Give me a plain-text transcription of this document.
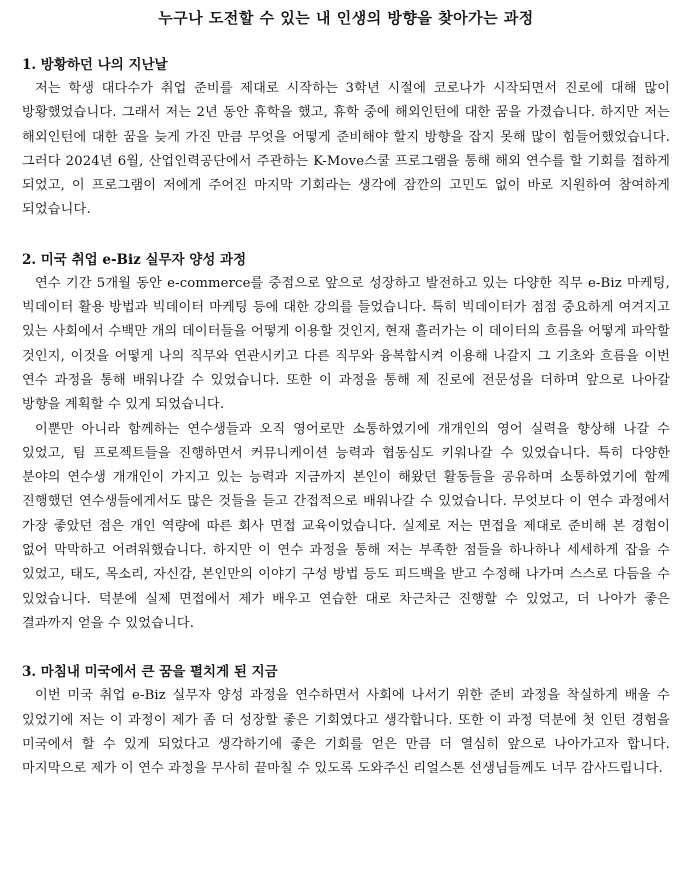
누구나 도전할 수 있는 내 인생의 방향을 찾아가는 과정
1. 방황하던 나의 지난날

저는 학생 대다수가 취업 준비를 제대로 시작하는 3학년 시절에 코로나가 시작되면서 진로에 대해 많이 방황했었습니다. 그래서 저는 2년 동안 휴학을 했고, 휴학 중에 해외인턴에 대한 꿈을 가졌습니다. 하지만 저는 해외인턴에 대한 꿈을 늦게 가진 만큼 무엇을 어떻게 준비해야 할지 방향을 잡지 못해 많이 힘들어했었습니다. 그러다 2024년 6월, 산업인력공단에서 주관하는 K-Move스쿨 프로그램을 통해 해외 연수를 할 기회를 접하게 되었고, 이 프로그램이 저에게 주어진 마지막 기회라는 생각에 잠깐의 고민도 없이 바로 지원하여 참여하게 되었습니다.

2. 미국 취업 e-Biz 실무자 양성 과정

연수 기간 5개월 동안 e-commerce를 중점으로 앞으로 성장하고 발전하고 있는 다양한 직무 e-Biz 마케팅, 빅데이터 활용 방법과 빅데이터 마케팅 등에 대한 강의를 들었습니다. 특히 빅데이터가 점점 중요하게 여겨지고 있는 사회에서 수백만 개의 데이터들을 어떻게 이용할 것인지, 현재 흘러가는 이 데이터의 흐름을 어떻게 파악할 것인지, 이것을 어떻게 나의 직무와 연관시키고 다른 직무와 융복합시켜 이용해 나갈지 그 기초와 흐름을 이번 연수 과정을 통해 배워나갈 수 있었습니다. 또한 이 과정을 통해 제 진로에 전문성을 더하며 앞으로 나아갈 방향을 계획할 수 있게 되었습니다.

이뿐만 아니라 함께하는 연수생들과 오직 영어로만 소통하였기에 개개인의 영어 실력을 향상해 나갈 수 있었고, 팀 프로젝트들을 진행하면서 커뮤니케이션 능력과 협동심도 키워나갈 수 있었습니다. 특히 다양한 분야의 연수생 개개인이 가지고 있는 능력과 지금까지 본인이 해왔던 활동들을 공유하며 소통하였기에 함께 진행했던 연수생들에게서도 많은 것들을 듣고 간접적으로 배워나갈 수 있었습니다. 무엇보다 이 연수 과정에서 가장 좋았던 점은 개인 역량에 따른 회사 면접 교육이었습니다. 실제로 저는 면접을 제대로 준비해 본 경험이 없어 막막하고 어려워했습니다. 하지만 이 연수 과정을 통해 저는 부족한 점들을 하나하나 세세하게 잡을 수 있었고, 태도, 목소리, 자신감, 본인만의 이야기 구성 방법 등도 피드백을 받고 수정해 나가며 스스로 다듬을 수 있었습니다. 덕분에 실제 면접에서 제가 배우고 연습한 대로 차근차근 진행할 수 있었고, 더 나아가 좋은 결과까지 얻을 수 있었습니다.

3. 마침내 미국에서 큰 꿈을 펼치게 된 지금

이번 미국 취업 e-Biz 실무자 양성 과정을 연수하면서 사회에 나서기 위한 준비 과정을 착실하게 배울 수 있었기에 저는 이 과정이 제가 좀 더 성장할 좋은 기회였다고 생각합니다. 또한 이 과정 덕분에 첫 인턴 경험을 미국에서 할 수 있게 되었다고 생각하기에 좋은 기회를 얻은 만큼 더 열심히 앞으로 나아가고자 합니다. 마지막으로 제가 이 연수 과정을 무사히 끝마칠 수 있도록 도와주신 리얼스톤 선생님들께도 너무 감사드립니다.
